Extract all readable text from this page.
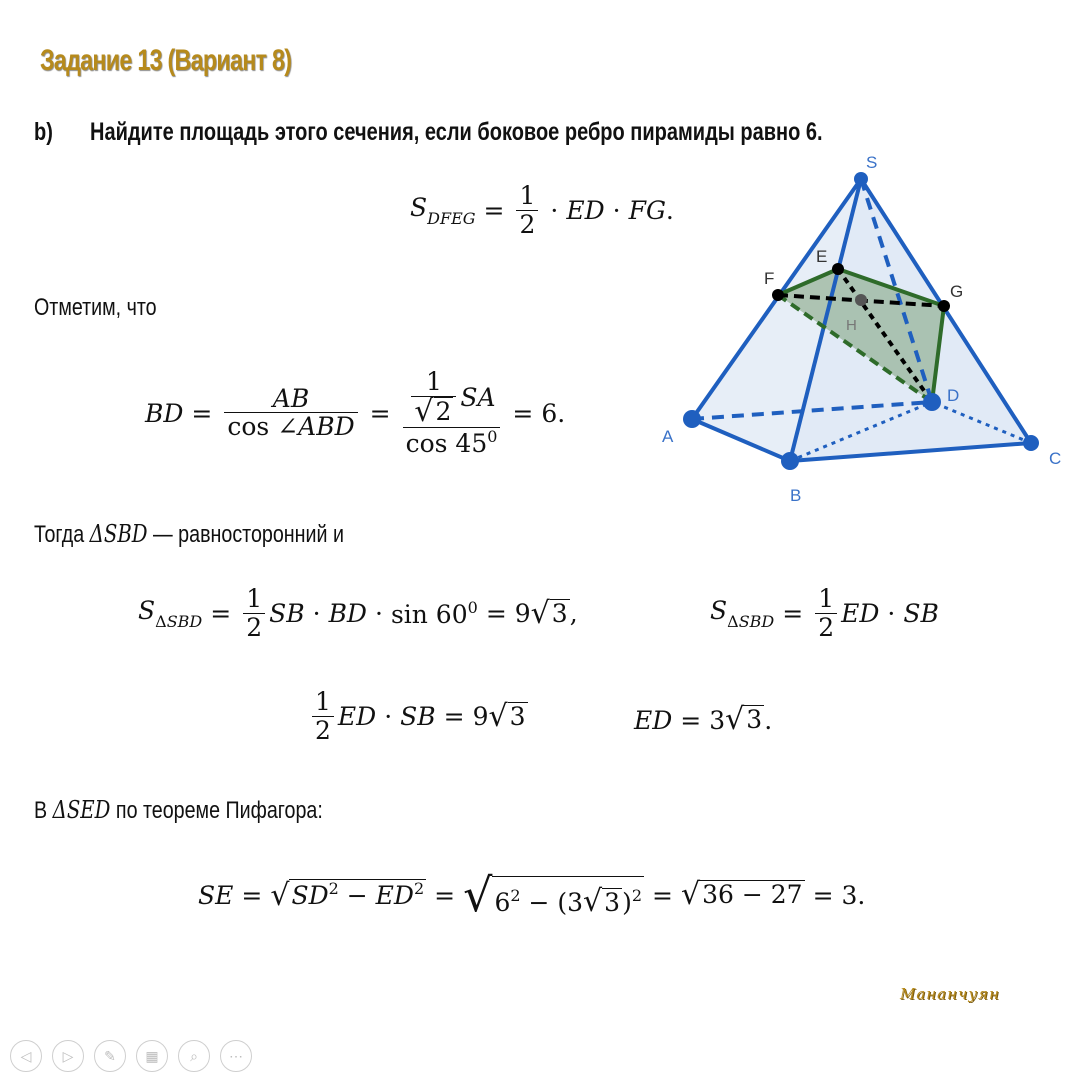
Задание 13 (Вариант 8)
b) Найдите площадь этого сечения, если боковое ребро пирамиды равно 6.
$S_{DFEG} = \frac{1}{2}$ · ED · FG .
Отметим, что
BD = $\frac{AB}{\text{cos ∠ABD}} = \frac{\frac{1}{√ 2} SA}{\cos 45^0} = 6$.
Тогда ΔSBD — равносторонний и
$S_{\Delta SBD} = \frac{1}{2}$ SB · BD · $\sin 60^0 = 9$ √ 3 ,	$S_{\Delta SBD} = \frac{1}{2}$ ED · SB
$\frac{1}{2}$ ED · SB = 9 √ 3	ED = 3 √ 3 .
В ΔSED по теореме Пифагора:
SE = √ $SD^2 - ED^2$ = √ $6^2 - (3$ √ 3 )$^2$ = √ 36 − 27 = 3.
S
E
F
G
H
A
B
C
D
Мананчуян
◁ ▷ ✎ ▦ ⌕ ⋯
